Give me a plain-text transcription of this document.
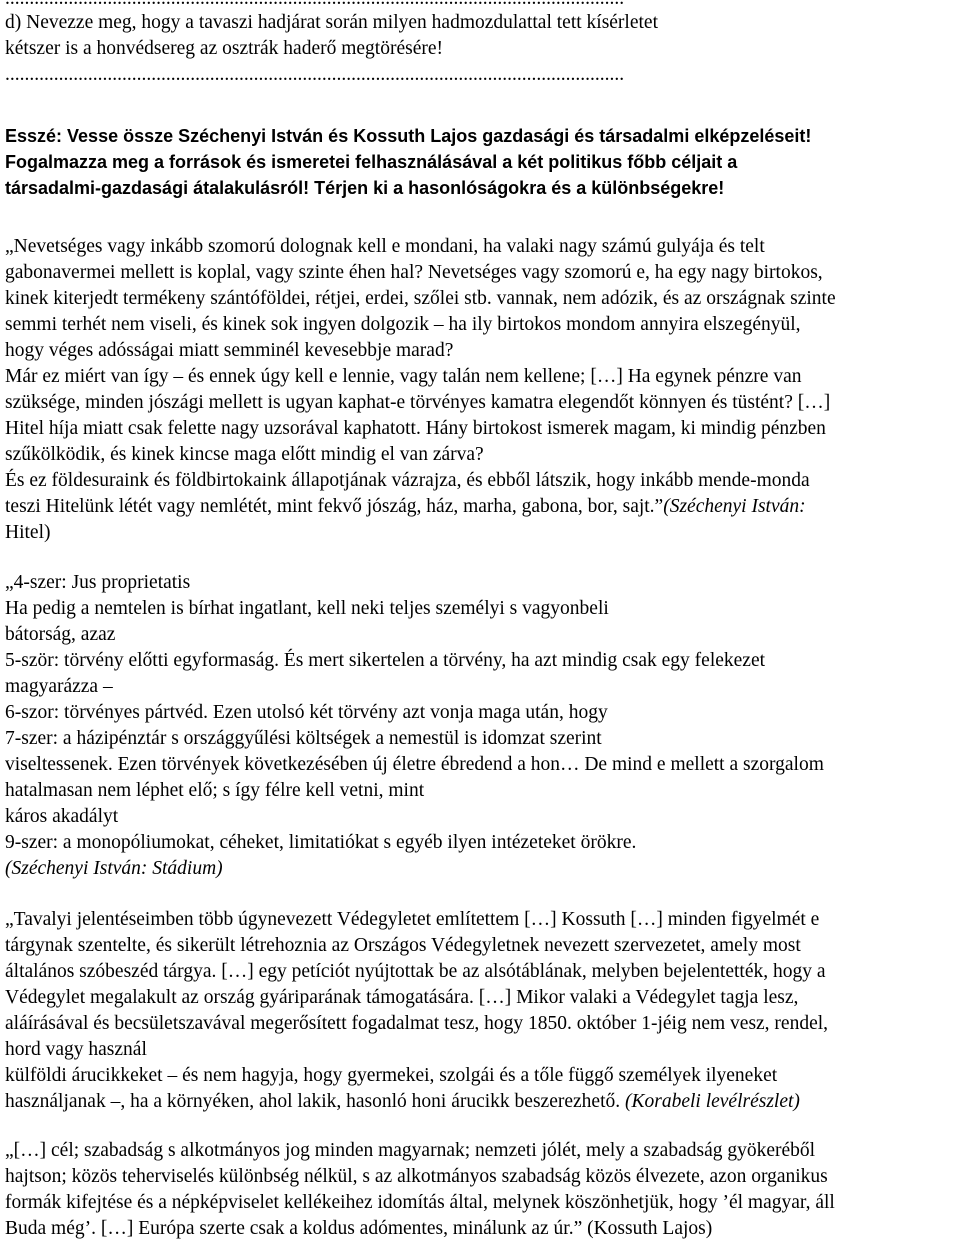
d) Nevezze meg, hogy a tavaszi hadjárat során milyen hadmozdulattal tett kísérletet
kétszer is a honvédsereg az osztrák haderő megtörésére!
...............................................................................................................................
Esszé: Vesse össze Széchenyi István és Kossuth Lajos gazdasági és társadalmi elképzeléseit!
Fogalmazza meg a források és ismeretei felhasználásával a két politikus főbb céljait a
társadalmi-gazdasági átalakulásról! Térjen ki a hasonlóságokra és a különbségekre!
„Nevetséges vagy inkább szomorú dolognak kell e mondani, ha valaki nagy számú gulyája és telt
gabonavermei mellett is koplal, vagy szinte éhen hal? Nevetséges vagy szomorú e, ha egy nagy birtokos,
kinek kiterjedt termékeny szántóföldei, rétjei, erdei, szőlei stb. vannak, nem adózik, és az országnak szinte
semmi terhét nem viseli, és kinek sok ingyen dolgozik – ha ily birtokos mondom annyira elszegényül,
hogy véges adósságai miatt semminél kevesebbje marad?
Már ez miért van így – és ennek úgy kell e lennie, vagy talán nem kellene; […] Ha egynek pénzre van
szüksége, minden jószági mellett is ugyan kaphat-e törvényes kamatra elegendőt könnyen és tüstént? […]
Hitel híja miatt csak felette nagy uzsorával kaphatott. Hány birtokost ismerek magam, ki mindig pénzben
szűkölködik, és kinek kincse maga előtt mindig el van zárva?
És ez földesuraink és földbirtokaink állapotjának vázrajza, és ebből látszik, hogy inkább mende-monda
teszi Hitelünk létét vagy nemlétét, mint fekvő jószág, ház, marha, gabona, bor, sajt.”(Széchenyi István:
Hitel)
„4-szer: Jus proprietatis
Ha pedig a nemtelen is bírhat ingatlant, kell neki teljes személyi s vagyonbeli
bátorság, azaz
5-ször: törvény előtti egyformaság. És mert sikertelen a törvény, ha azt mindig csak egy felekezet
magyarázza –
6-szor: törvényes pártvéd. Ezen utolsó két törvény azt vonja maga után, hogy
7-szer: a házipénztár s országgyűlési költségek a nemestül is idomzat szerint
viseltessenek. Ezen törvények következésében új életre ébredend a hon… De mind e mellett a szorgalom
hatalmasan nem léphet elő; s így félre kell vetni, mint
káros akadályt
9-szer: a monopóliumokat, céheket, limitatiókat s egyéb ilyen intézeteket örökre.
(Széchenyi István: Stádium)
„Tavalyi jelentéseimben több úgynevezett Védegyletet említettem […] Kossuth […] minden figyelmét e
tárgynak szentelte, és sikerült létrehoznia az Országos Védegyletnek nevezett szervezetet, amely most
általános szóbeszéd tárgya. […] egy petíciót nyújtottak be az alsótáblának, melyben bejelentették, hogy a
Védegylet megalakult az ország gyáriparának támogatására. […] Mikor valaki a Védegylet tagja lesz,
aláírásával és becsületszavával megerősített fogadalmat tesz, hogy 1850. október 1-jéig nem vesz, rendel,
hord vagy használ
külföldi árucikkeket – és nem hagyja, hogy gyermekei, szolgái és a tőle függő személyek ilyeneket
használjanak –, ha a környéken, ahol lakik, hasonló honi árucikk beszerezhető. (Korabeli levélrészlet)
„[…] cél; szabadság s alkotmányos jog minden magyarnak; nemzeti jólét, mely a szabadság gyökeréből
hajtson; közös teherviselés különbség nélkül, s az alkotmányos szabadság közös élvezete, azon organikus
formák kifejtése és a népképviselet kellékeihez idomítás által, melynek köszönhetjük, hogy ’él magyar, áll
Buda még’. […] Európa szerte csak a koldus adómentes, minálunk az úr.” (Kossuth Lajos)
